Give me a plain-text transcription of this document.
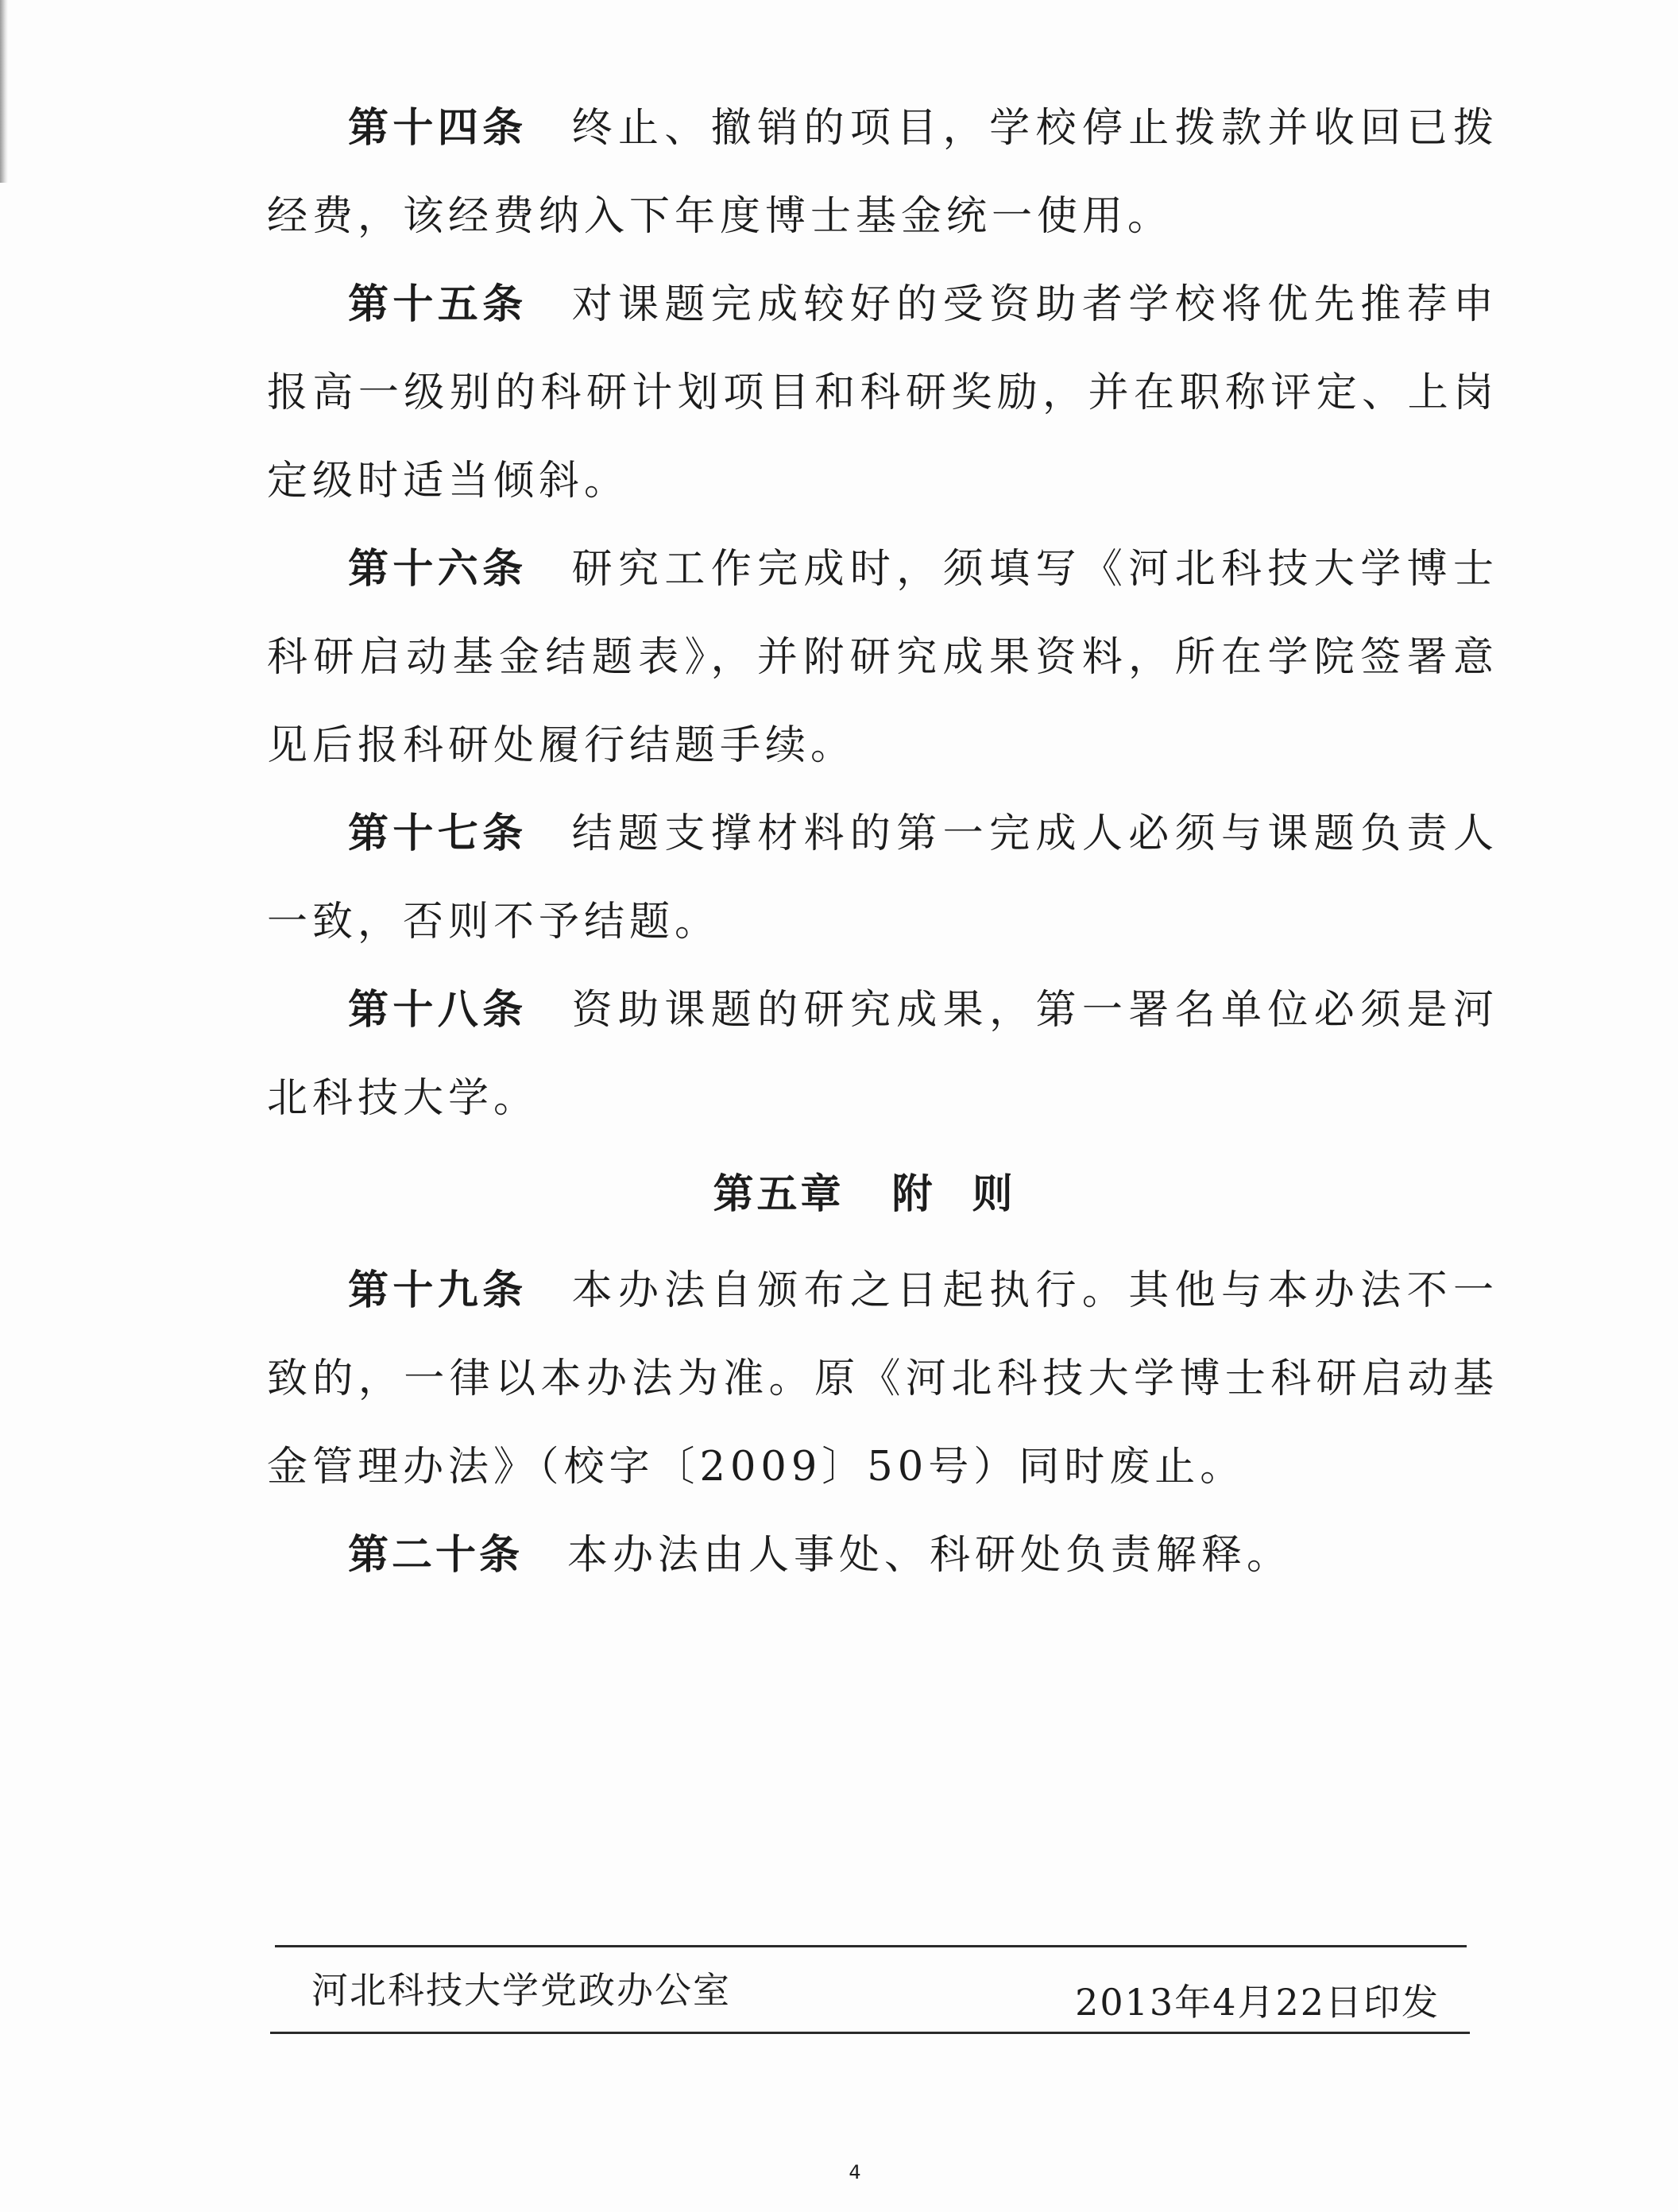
第十四条 终止、撤销的项目，学校停止拨款并收回已拨经费，该经费纳入下年度博士基金统一使用。

第十五条 对课题完成较好的受资助者学校将优先推荐申报高一级别的科研计划项目和科研奖励，并在职称评定、上岗定级时适当倾斜。

第十六条 研究工作完成时，须填写《河北科技大学博士科研启动基金结题表》，并附研究成果资料，所在学院签署意见后报科研处履行结题手续。

第十七条 结题支撑材料的第一完成人必须与课题负责人一致，否则不予结题。

第十八条 资助课题的研究成果，第一署名单位必须是河北科技大学。

第五章 附则

第十九条 本办法自颁布之日起执行。其他与本办法不一致的，一律以本办法为准。原《河北科技大学博士科研启动基金管理办法》（校字〔2009〕50号）同时废止。

第二十条 本办法由人事处、科研处负责解释。

河北科技大学党政办公室	2013年4月22日印发
4
